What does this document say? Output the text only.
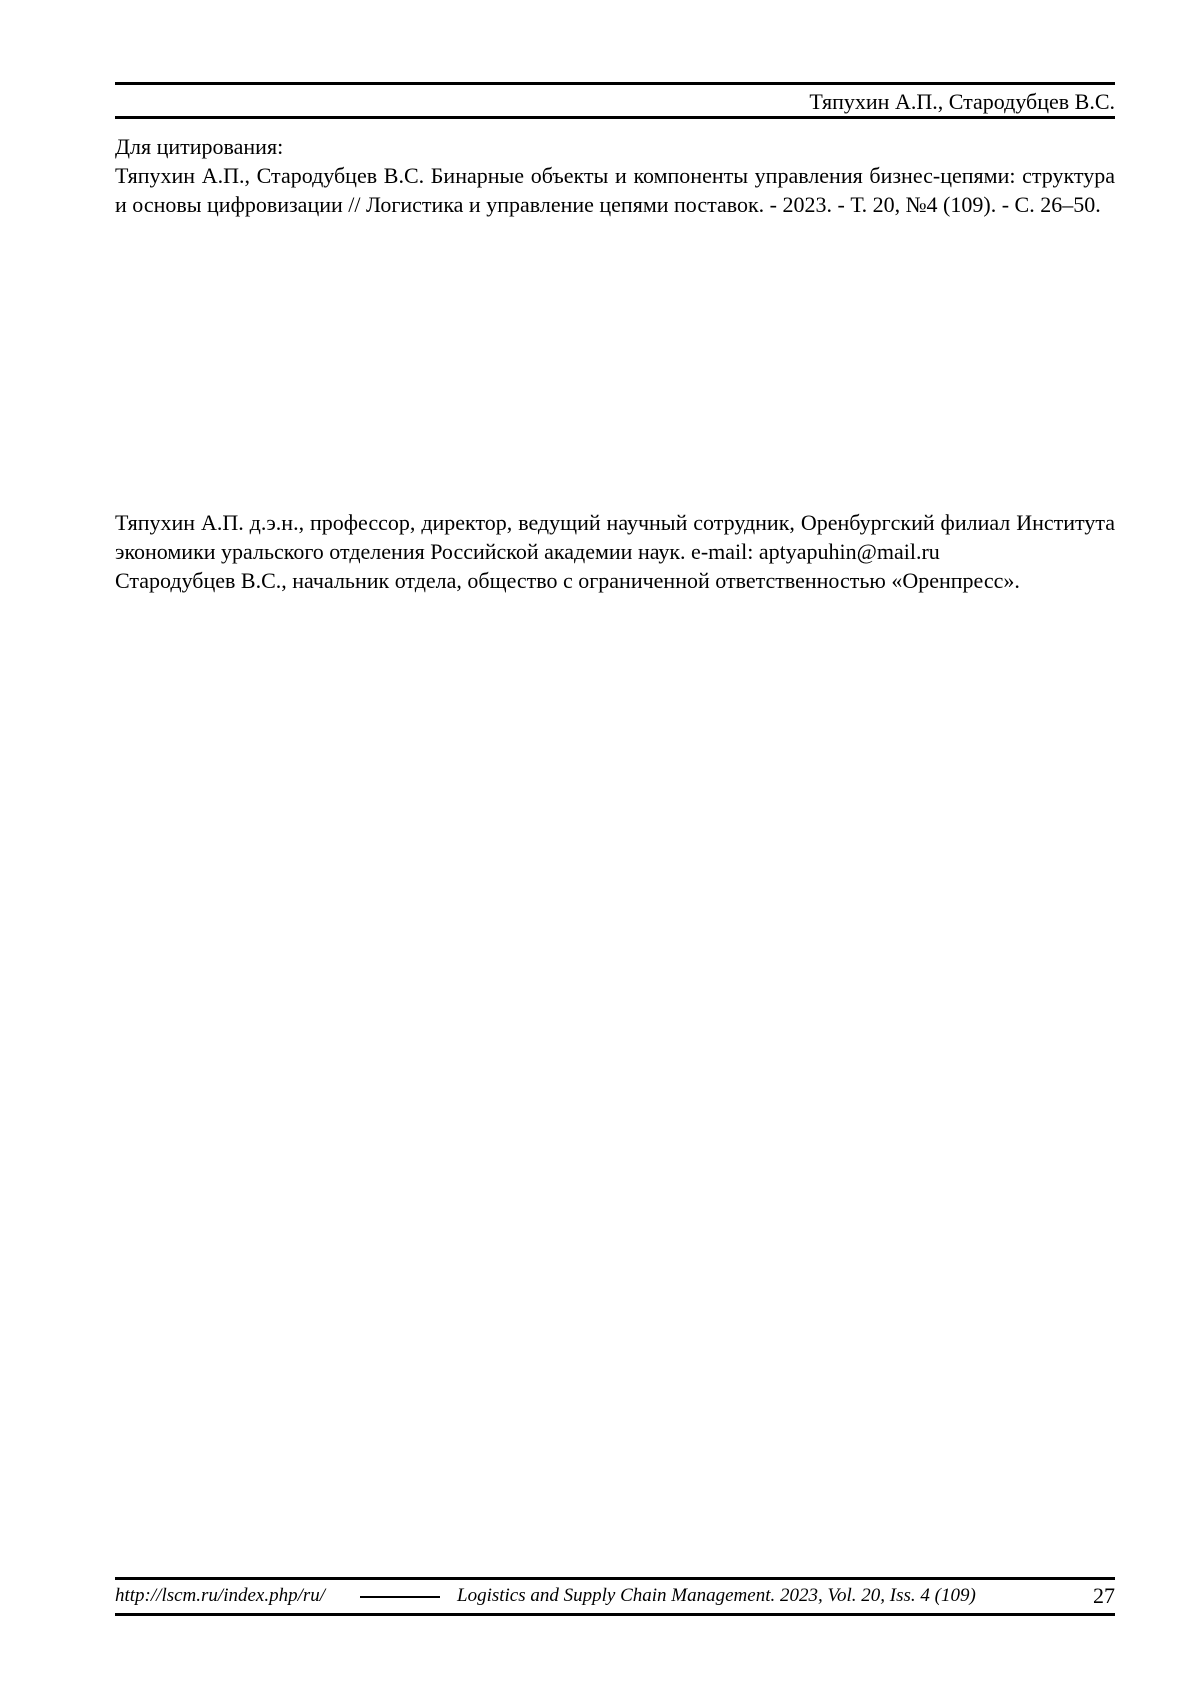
Тяпухин А.П., Стародубцев В.С.

Для цитирования:

Тяпухин А.П., Стародубцев В.С. Бинарные объекты и компоненты управления бизнес-цепями: структура и основы цифровизации // Логистика и управление цепями поставок. - 2023. - Т. 20, №4 (109). - С. 26–50.

Тяпухин А.П. д.э.н., профессор, директор, ведущий научный сотрудник, Оренбургский филиал Института экономики уральского отделения Российской академии наук. e-mail: aptyapuhin@mail.ru

Стародубцев В.С., начальник отдела, общество с ограниченной ответственностью «Оренпресс».

http://lscm.ru/index.php/ru/	Logistics and Supply Chain Management. 2023, Vol. 20, Iss. 4 (109)	27
